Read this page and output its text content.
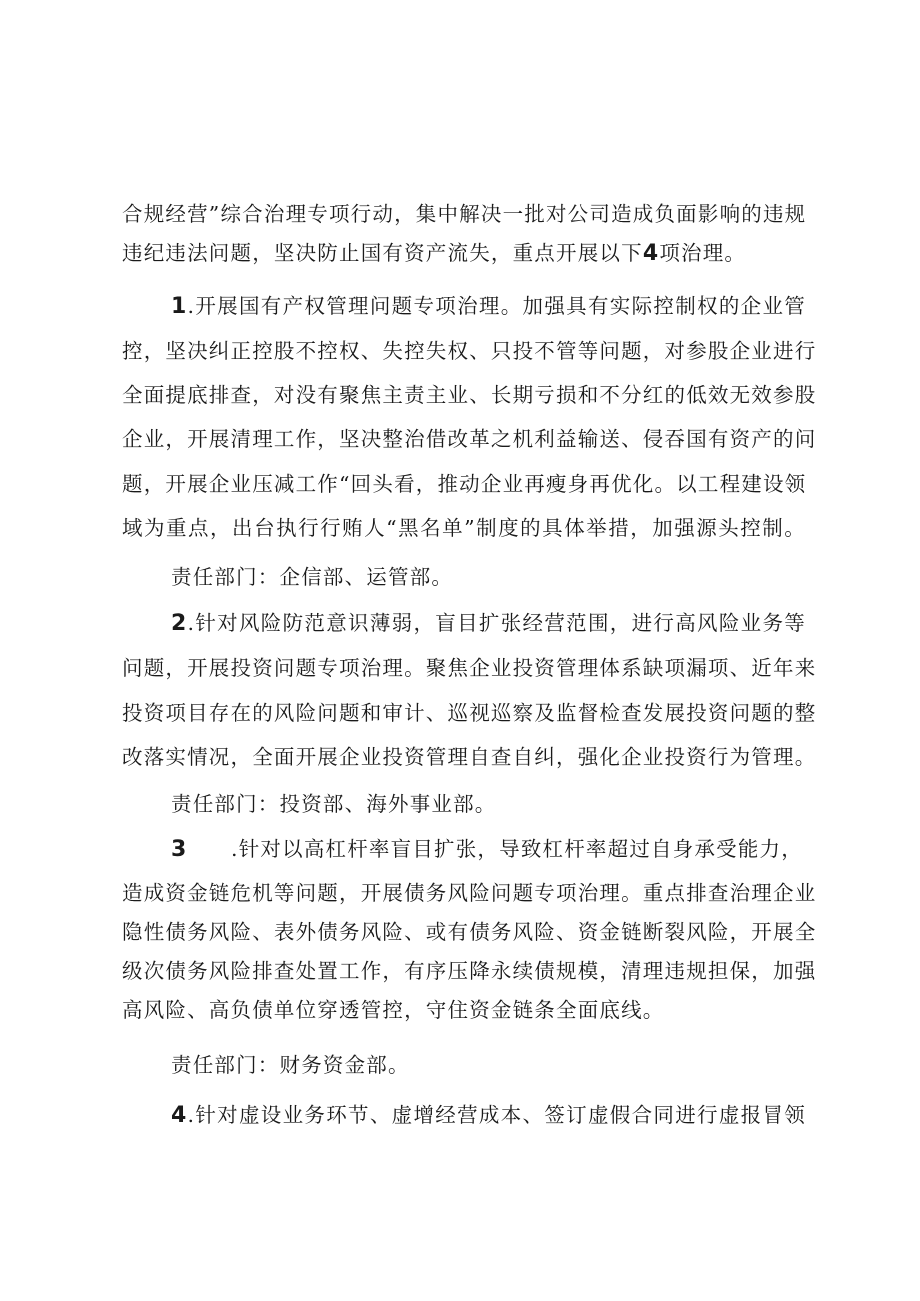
合规经营”综合治理专项行动，集中解决一批对公司造成负面影响的违规
违纪违法问题，坚决防止国有资产流失，重点开展以下4项治理。
1.开展国有产权管理问题专项治理。加强具有实际控制权的企业管
控，坚决纠正控股不控权、失控失权、只投不管等问题，对参股企业进行
全面提底排查，对没有聚焦主责主业、长期亏损和不分红的低效无效参股
企业，开展清理工作，坚决整治借改革之机利益输送、侵吞国有资产的问
题，开展企业压减工作“回头看，推动企业再瘦身再优化。以工程建设领
域为重点，出台执行行贿人“黑名单”制度的具体举措，加强源头控制。
责任部门：企信部、运管部。
2.针对风险防范意识薄弱，盲目扩张经营范围，进行高风险业务等
问题，开展投资问题专项治理。聚焦企业投资管理体系缺项漏项、近年来
投资项目存在的风险问题和审计、巡视巡察及监督检查发展投资问题的整
改落实情况，全面开展企业投资管理自查自纠，强化企业投资行为管理。
责任部门：投资部、海外事业部。
3 .针对以高杠杆率盲目扩张，导致杠杆率超过自身承受能力，
造成资金链危机等问题，开展债务风险问题专项治理。重点排查治理企业
隐性债务风险、表外债务风险、或有债务风险、资金链断裂风险，开展全
级次债务风险排查处置工作，有序压降永续债规模，清理违规担保，加强
高风险、高负债单位穿透管控，守住资金链条全面底线。
责任部门：财务资金部。
4.针对虚设业务环节、虚增经营成本、签订虚假合同进行虚报冒领
